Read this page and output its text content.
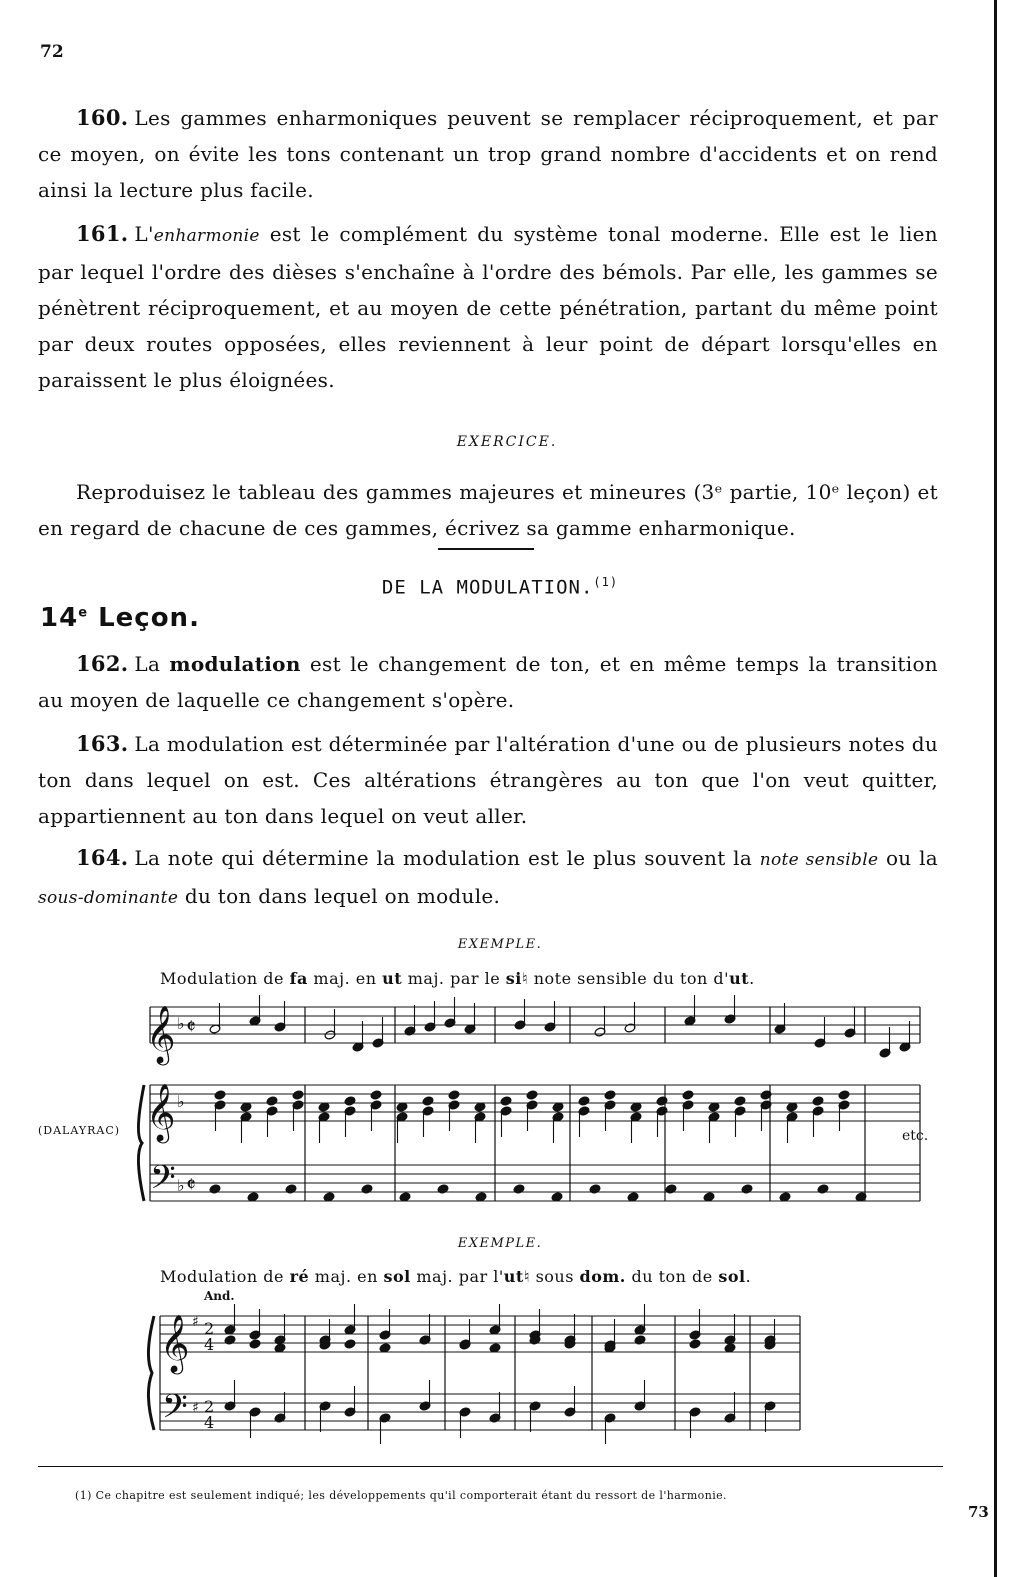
72
160. Les gammes enharmoniques peuvent se remplacer réciproquement, et par ce moyen, on évite les tons contenant un trop grand nombre d'accidents et on rend ainsi la lecture plus facile.
161. L'enharmonie est le complément du système tonal moderne. Elle est le lien par lequel l'ordre des dièses s'enchaîne à l'ordre des bémols. Par elle, les gammes se pénètrent réciproquement, et au moyen de cette pénétration, partant du même point par deux routes opposées, elles reviennent à leur point de départ lorsqu'elles en paraissent le plus éloignées.
EXERCICE.
Reproduisez le tableau des gammes majeures et mineures (3ᵉ partie, 10ᵉ leçon) et en regard de chacune de ces gammes, écrivez sa gamme enharmonique.
DE LA MODULATION.$^{(1)}$
14e Leçon.
162. La modulation est le changement de ton, et en même temps la transition au moyen de laquelle ce changement s'opère.
163. La modulation est déterminée par l'altération d'une ou de plusieurs notes du ton dans lequel on est. Ces altérations étrangères au ton que l'on veut quitter, appartiennent au ton dans lequel on veut aller.
164. La note qui détermine la modulation est le plus souvent la note sensible ou la sous-dominante du ton dans lequel on module.
EXEMPLE.
Modulation de fa maj. en ut maj. par le si♮ note sensible du ton d'ut.
𝄞
𝄞
𝄢
♭
♭
♭
𝄵
𝄵
(DALAYRAC)	etc.
EXEMPLE.
Modulation de ré maj. en sol maj. par l'ut♮ sous dom. du ton de sol.
And.
𝄞
𝄢
♯
♯
2
4
2
4
(1) Ce chapitre est seulement indiqué; les développements qu'il comporterait étant du ressort de l'harmonie.
73
